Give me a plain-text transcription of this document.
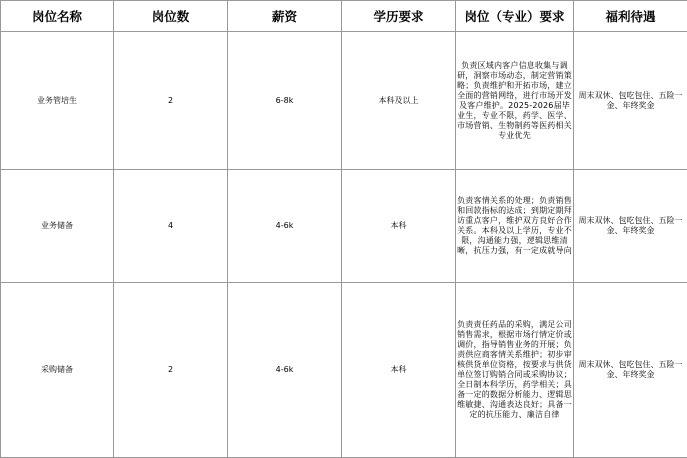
岗位名称	岗位数	薪资	学历要求	岗位（专业）要求	福利待遇
业务管培生	2	6-8k	本科及以上	负责区域内客户信息收集与调研，洞察市场动态，制定营销策略；负责维护和开拓市场，建立全面的营销网络，进行市场开发及客户维护。2025-2026届毕业生，专业不限，药学、医学、市场营销、生物制药等医药相关专业优先	周末双休、包吃包住、五险一金、年终奖金
业务储备	4	4-6k	本科	负责客情关系的处理；负责销售和回款指标的达成；到期定期拜访重点客户，维护双方良好合作关系。本科及以上学历，专业不限，沟通能力强，逻辑思维清晰，抗压力强，有一定成就导向	周末双休、包吃包住、五险一金、年终奖金
采购储备	2	4-6k	本科	负责责任药品的采购，满足公司销售需求，根据市场行情定价或调价，指导销售业务的开展；负责供应商客情关系维护；初步审核供货单位资格，按要求与供货单位签订购销合同或采购协议；全日制本科学历，药学相关；具备一定的数据分析能力、逻辑思维敏捷、沟通表达良好；具备一定的抗压能力、廉洁自律	周末双休、包吃包住、五险一金、年终奖金
